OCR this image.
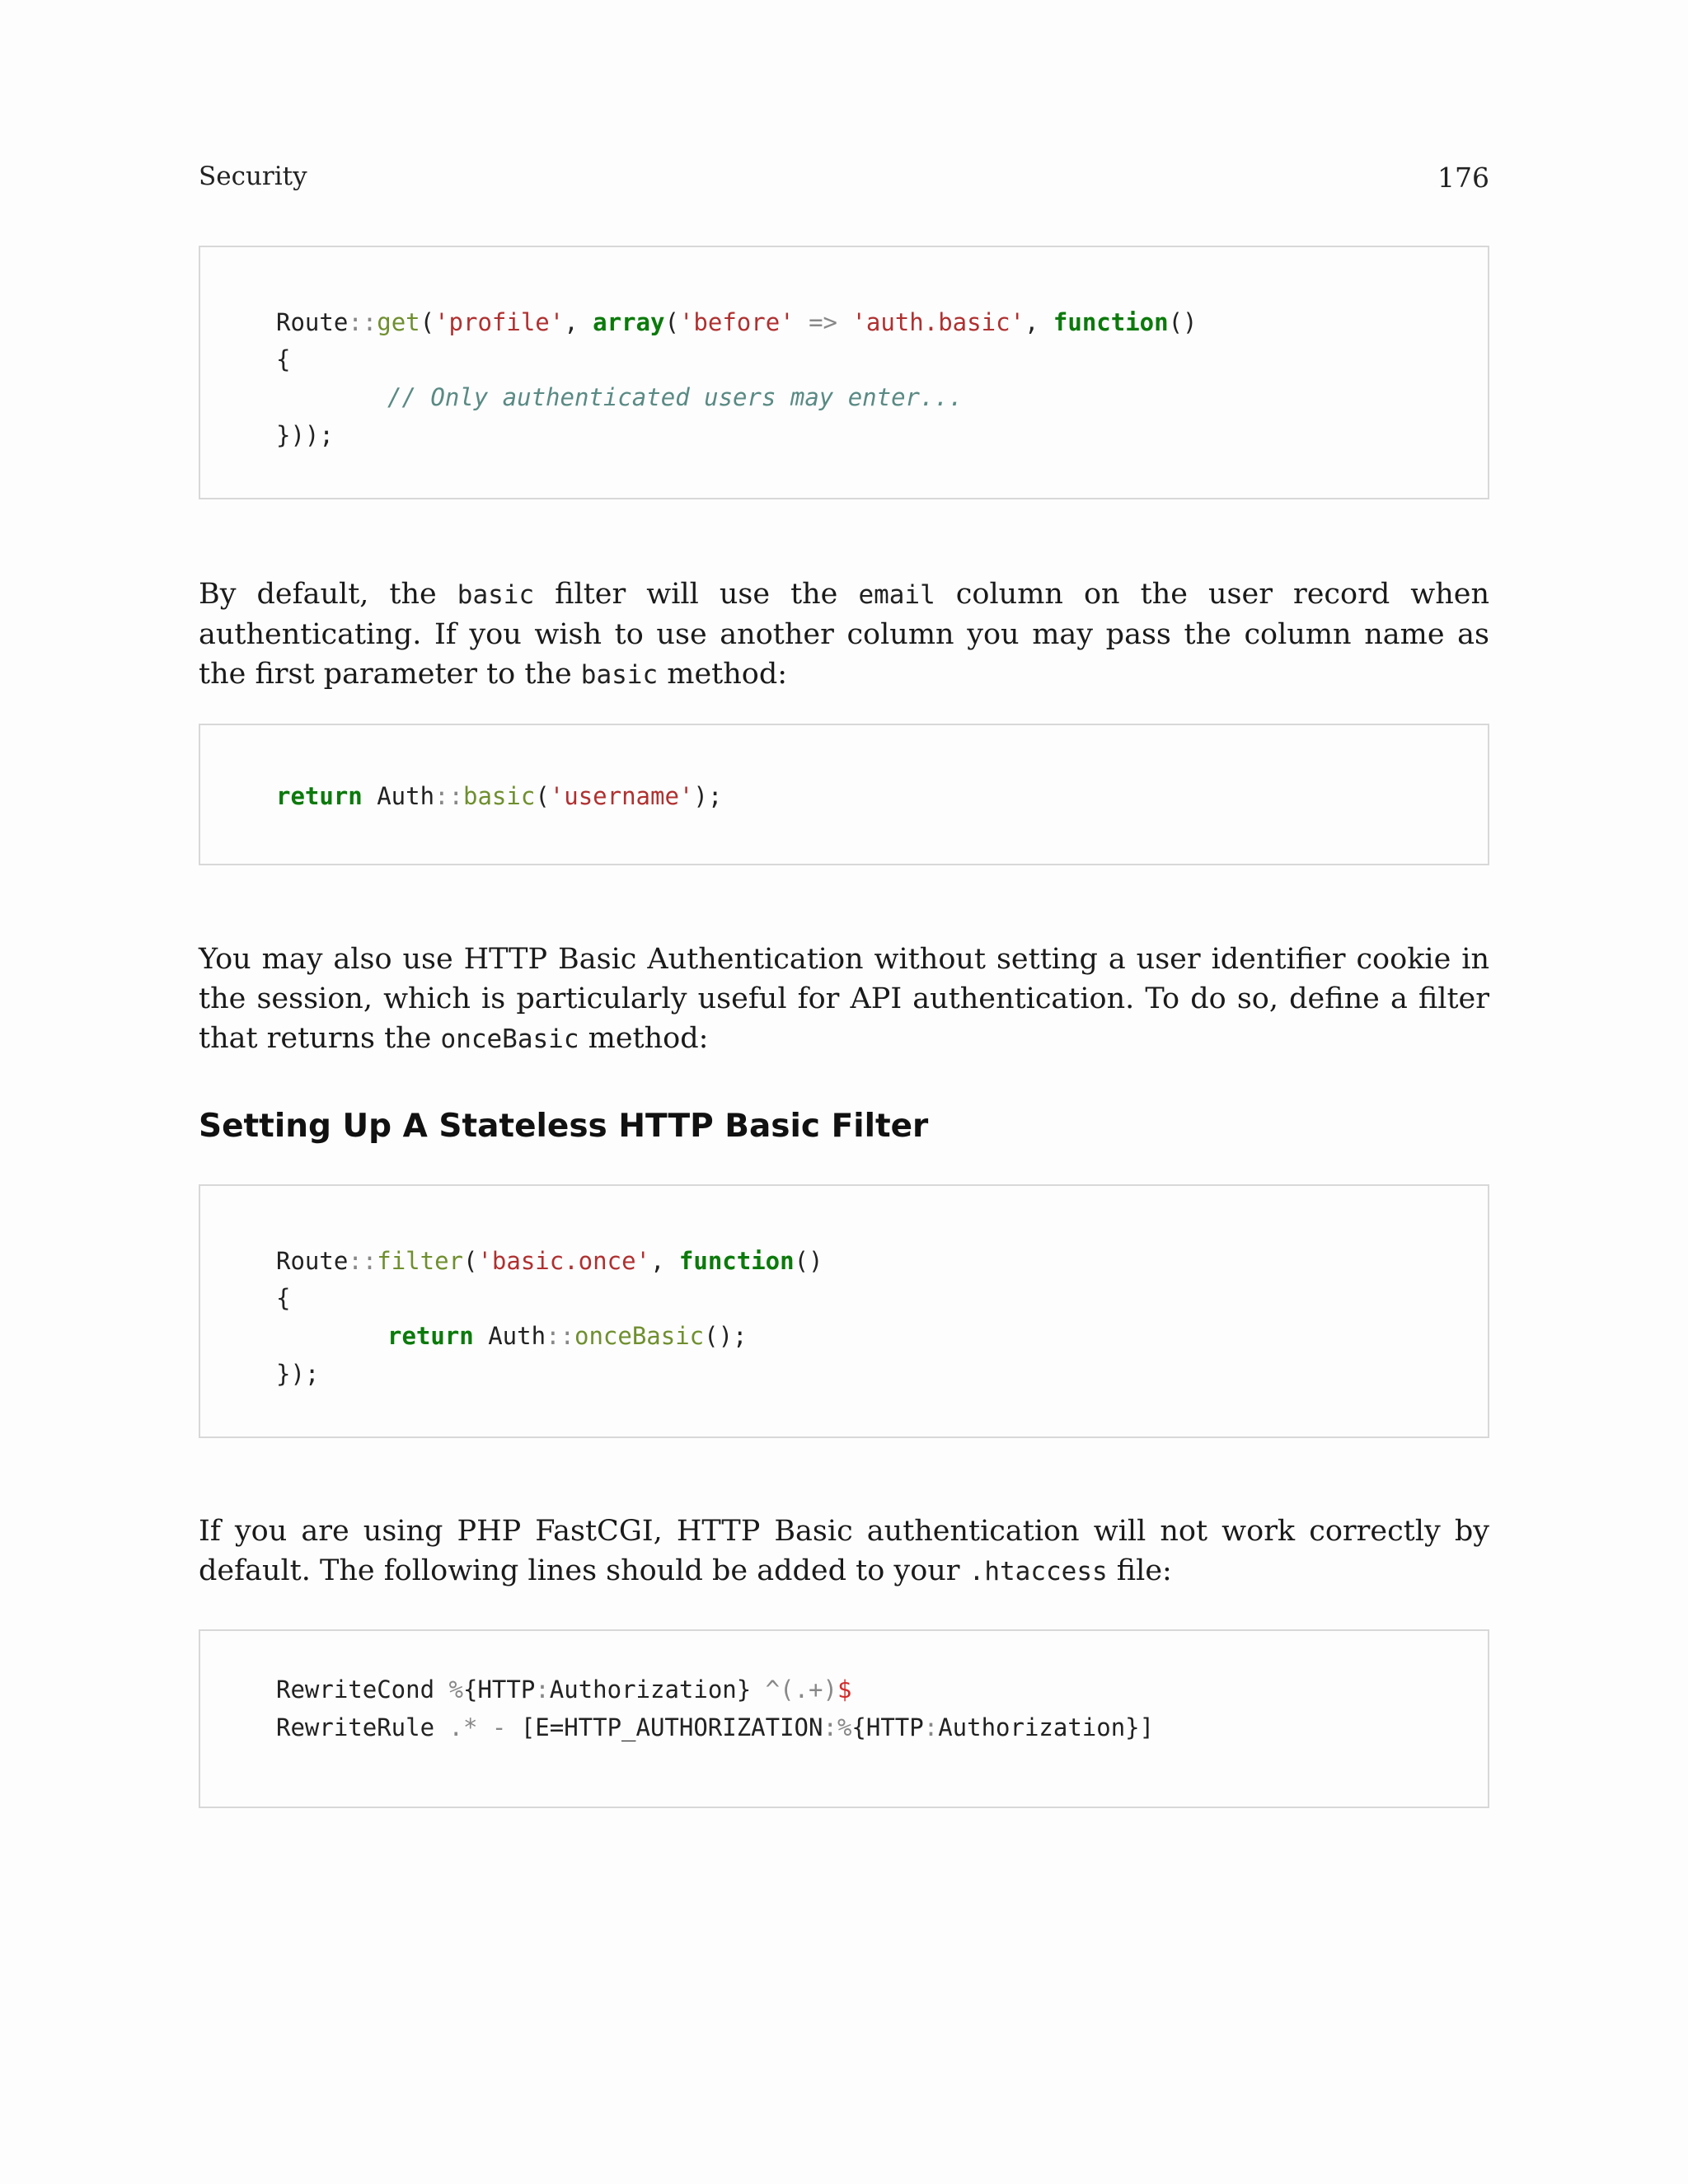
Security	176
Route::get('profile', array('before' => 'auth.basic', function()
{
// Only authenticated users may enter...
}));

By default, the basic filter will use the email column on the user record when authenticating. If you wish to use another column you may pass the column name as the first parameter to the basic method:

return Auth::basic('username');

You may also use HTTP Basic Authentication without setting a user identifier cookie in the session, which is particularly useful for API authentication. To do so, define a filter that returns the onceBasic method:

Setting Up A Stateless HTTP Basic Filter
Route::filter('basic.once', function()
{
return Auth::onceBasic();
});

If you are using PHP FastCGI, HTTP Basic authentication will not work correctly by default. The following lines should be added to your .htaccess file:

RewriteCond %{HTTP:Authorization} ^(.+)$
RewriteRule .* - [E=HTTP_AUTHORIZATION:%{HTTP:Authorization}]
